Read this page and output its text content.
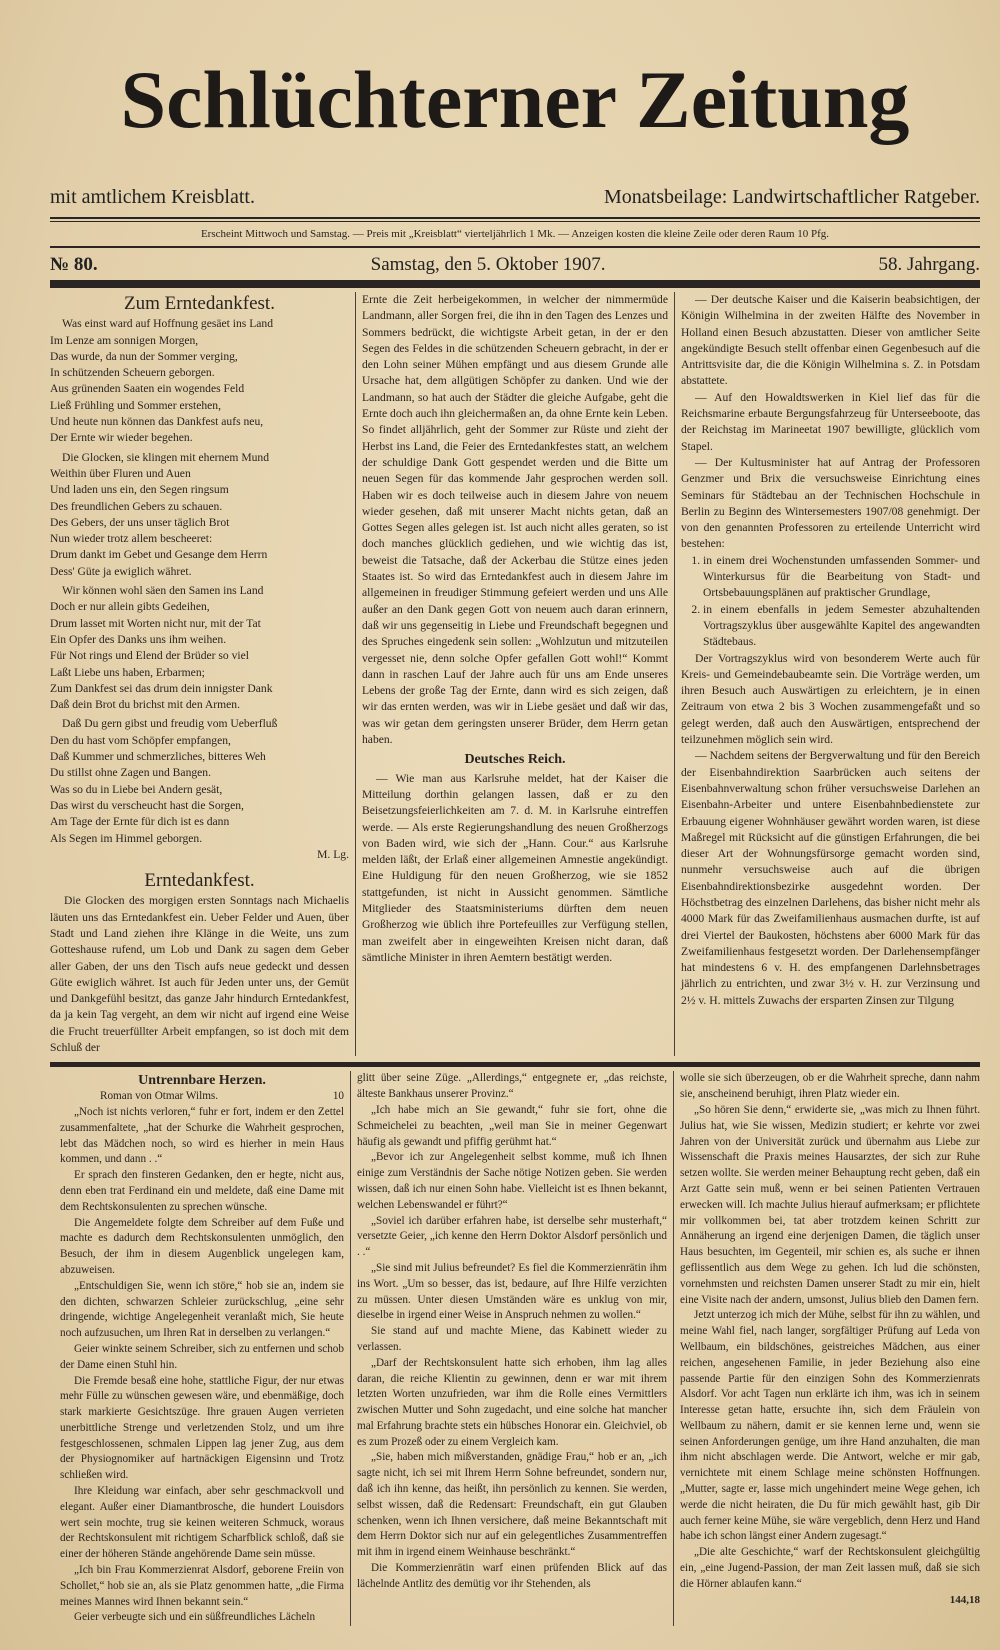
Schlüchterner Zeitung
mit amtlichem Kreisblatt.	Monatsbeilage: Landwirtschaftlicher Ratgeber.
Erscheint Mittwoch und Samstag. — Preis mit „Kreisblatt“ vierteljährlich 1 Mk. — Anzeigen kosten die kleine Zeile oder deren Raum 10 Pfg.
№ 80.	Samstag, den 5. Oktober 1907.	58. Jahrgang.
Zum Erntedankfest.
Was einst ward auf Hoffnung gesäet ins Land
Im Lenze am sonnigen Morgen,
Das wurde, da nun der Sommer verging,
In schützenden Scheuern geborgen.
Aus grünenden Saaten ein wogendes Feld
Ließ Frühling und Sommer erstehen,
Und heute nun können das Dankfest aufs neu,
Der Ernte wir wieder begehen.
Die Glocken, sie klingen mit ehernem Mund
Weithin über Fluren und Auen
Und laden uns ein, den Segen ringsum
Des freundlichen Gebers zu schauen.
Des Gebers, der uns unser täglich Brot
Nun wieder trotz allem bescheeret:
Drum dankt im Gebet und Gesange dem Herrn
Dess' Güte ja ewiglich währet.
Wir können wohl säen den Samen ins Land
Doch er nur allein gibts Gedeihen,
Drum lasset mit Worten nicht nur, mit der Tat
Ein Opfer des Danks uns ihm weihen.
Für Not rings und Elend der Brüder so viel
Laßt Liebe uns haben, Erbarmen;
Zum Dankfest sei das drum dein innigster Dank
Daß dein Brot du brichst mit den Armen.
Daß Du gern gibst und freudig vom Ueberfluß
Den du hast vom Schöpfer empfangen,
Daß Kummer und schmerzliches, bitteres Weh
Du stillst ohne Zagen und Bangen.
Was so du in Liebe bei Andern gesät,
Das wirst du verscheucht hast die Sorgen,
Am Tage der Ernte für dich ist es dann
Als Segen im Himmel geborgen.
M. Lg.
Erntedankfest.

Die Glocken des morgigen ersten Sonntags nach Michaelis läuten uns das Erntedankfest ein. Ueber Felder und Auen, über Stadt und Land ziehen ihre Klänge in die Weite, uns zum Gotteshause rufend, um Lob und Dank zu sagen dem Geber aller Gaben, der uns den Tisch aufs neue gedeckt und dessen Güte ewiglich währet. Ist auch für Jeden unter uns, der Gemüt und Dankgefühl besitzt, das ganze Jahr hindurch Erntedankfest, da ja kein Tag vergeht, an dem wir nicht auf irgend eine Weise die Frucht treuerfüllter Arbeit empfangen, so ist doch mit dem Schluß der

Ernte die Zeit herbeigekommen, in welcher der nimmermüde Landmann, aller Sorgen frei, die ihn in den Tagen des Lenzes und Sommers bedrückt, die wichtigste Arbeit getan, in der er den Segen des Feldes in die schützenden Scheuern gebracht, in der er den Lohn seiner Mühen empfängt und aus diesem Grunde alle Ursache hat, dem allgütigen Schöpfer zu danken. Und wie der Landmann, so hat auch der Städter die gleiche Aufgabe, geht die Ernte doch auch ihn gleichermaßen an, da ohne Ernte kein Leben. So findet alljährlich, geht der Sommer zur Rüste und zieht der Herbst ins Land, die Feier des Erntedankfestes statt, an welchem der schuldige Dank Gott gespendet werden und die Bitte um neuen Segen für das kommende Jahr gesprochen werden soll. Haben wir es doch teilweise auch in diesem Jahre von neuem wieder gesehen, daß mit unserer Macht nichts getan, daß an Gottes Segen alles gelegen ist. Ist auch nicht alles geraten, so ist doch manches glücklich gediehen, und wie wichtig das ist, beweist die Tatsache, daß der Ackerbau die Stütze eines jeden Staates ist. So wird das Erntedankfest auch in diesem Jahre im allgemeinen in freudiger Stimmung gefeiert werden und uns Alle außer an den Dank gegen Gott von neuem auch daran erinnern, daß wir uns gegenseitig in Liebe und Freundschaft begegnen und des Spruches eingedenk sein sollen: „Wohlzutun und mitzuteilen vergesset nie, denn solche Opfer gefallen Gott wohl!“ Kommt dann in raschen Lauf der Jahre auch für uns am Ende unseres Lebens der große Tag der Ernte, dann wird es sich zeigen, daß wir das ernten werden, was wir in Liebe gesäet und daß wir das, was wir getan dem geringsten unserer Brüder, dem Herrn getan haben.

Deutsches Reich.

— Wie man aus Karlsruhe meldet, hat der Kaiser die Mitteilung dorthin gelangen lassen, daß er zu den Beisetzungsfeierlichkeiten am 7. d. M. in Karlsruhe eintreffen werde. — Als erste Regierungshandlung des neuen Großherzogs von Baden wird, wie sich der „Hann. Cour.“ aus Karlsruhe melden läßt, der Erlaß einer allgemeinen Amnestie angekündigt. Eine Huldigung für den neuen Großherzog, wie sie 1852 stattgefunden, ist nicht in Aussicht genommen. Sämtliche Mitglieder des Staatsministeriums dürften dem neuen Großherzog wie üblich ihre Portefeuilles zur Verfügung stellen, man zweifelt aber in eingeweihten Kreisen nicht daran, daß sämtliche Minister in ihren Aemtern bestätigt werden.

— Der deutsche Kaiser und die Kaiserin beabsichtigen, der Königin Wilhelmina in der zweiten Hälfte des November in Holland einen Besuch abzustatten. Dieser von amtlicher Seite angekündigte Besuch stellt offenbar einen Gegenbesuch auf die Antrittsvisite dar, die die Königin Wilhelmina s. Z. in Potsdam abstattete.

— Auf den Howaldtswerken in Kiel lief das für die Reichsmarine erbaute Bergungsfahrzeug für Unterseeboote, das der Reichstag im Marineetat 1907 bewilligte, glücklich vom Stapel.

— Der Kultusminister hat auf Antrag der Professoren Genzmer und Brix die versuchsweise Einrichtung eines Seminars für Städtebau an der Technischen Hochschule in Berlin zu Beginn des Wintersemesters 1907/08 genehmigt. Der von den genannten Professoren zu erteilende Unterricht wird bestehen:

1. in einem drei Wochenstunden umfassenden Sommer- und Winterkursus für die Bearbeitung von Stadt- und Ortsbebauungsplänen auf praktischer Grundlage,
2. in einem ebenfalls in jedem Semester abzuhaltenden Vortragszyklus über ausgewählte Kapitel des angewandten Städtebaus.

Der Vortragszyklus wird von besonderem Werte auch für Kreis- und Gemeindebaubeamte sein. Die Vorträge werden, um ihren Besuch auch Auswärtigen zu erleichtern, je in einen Zeitraum von etwa 2 bis 3 Wochen zusammengefaßt und so gelegt werden, daß auch den Auswärtigen, entsprechend der teilzunehmen möglich sein wird.

— Nachdem seitens der Bergverwaltung und für den Bereich der Eisenbahndirektion Saarbrücken auch seitens der Eisenbahnverwaltung schon früher versuchsweise Darlehen an Eisenbahn-Arbeiter und untere Eisenbahnbedienstete zur Erbauung eigener Wohnhäuser gewährt worden waren, ist diese Maßregel mit Rücksicht auf die günstigen Erfahrungen, die bei dieser Art der Wohnungsfürsorge gemacht worden sind, nunmehr versuchsweise auch auf die übrigen Eisenbahndirektionsbezirke ausgedehnt worden. Der Höchstbetrag des einzelnen Darlehens, das bisher nicht mehr als 4000 Mark für das Zweifamilienhaus ausmachen durfte, ist auf drei Viertel der Baukosten, höchstens aber 6000 Mark für das Zweifamilienhaus festgesetzt worden. Der Darlehensempfänger hat mindestens 6 v. H. des empfangenen Darlehnsbetrages jährlich zu entrichten, und zwar 3½ v. H. zur Verzinsung und 2½ v. H. mittels Zuwachs der ersparten Zinsen zur Tilgung

Untrennbare Herzen.
Roman von Otmar Wilms.	10

„Noch ist nichts verloren,“ fuhr er fort, indem er den Zettel zusammenfaltete, „hat der Schurke die Wahrheit gesprochen, lebt das Mädchen noch, so wird es hierher in mein Haus kommen, und dann . .“

Er sprach den finsteren Gedanken, den er hegte, nicht aus, denn eben trat Ferdinand ein und meldete, daß eine Dame mit dem Rechtskonsulenten zu sprechen wünsche.

Die Angemeldete folgte dem Schreiber auf dem Fuße und machte es dadurch dem Rechtskonsulenten unmöglich, den Besuch, der ihm in diesem Augenblick ungelegen kam, abzuweisen.

„Entschuldigen Sie, wenn ich störe,“ hob sie an, indem sie den dichten, schwarzen Schleier zurückschlug, „eine sehr dringende, wichtige Angelegenheit veranlaßt mich, Sie heute noch aufzusuchen, um Ihren Rat in derselben zu verlangen.“

Geier winkte seinem Schreiber, sich zu entfernen und schob der Dame einen Stuhl hin.

Die Fremde besaß eine hohe, stattliche Figur, der nur etwas mehr Fülle zu wünschen gewesen wäre, und ebenmäßige, doch stark markierte Gesichtszüge. Ihre grauen Augen verrieten unerbittliche Strenge und verletzenden Stolz, und um ihre festgeschlossenen, schmalen Lippen lag jener Zug, aus dem der Physiognomiker auf hartnäckigen Eigensinn und Trotz schließen wird.

Ihre Kleidung war einfach, aber sehr geschmackvoll und elegant. Außer einer Diamantbrosche, die hundert Louisdors wert sein mochte, trug sie keinen weiteren Schmuck, woraus der Rechtskonsulent mit richtigem Scharfblick schloß, daß sie einer der höheren Stände angehörende Dame sein müsse.

„Ich bin Frau Kommerzienrat Alsdorf, geborene Freiin von Schollet,“ hob sie an, als sie Platz genommen hatte, „die Firma meines Mannes wird Ihnen bekannt sein.“

Geier verbeugte sich und ein süßfreundliches Lächeln

glitt über seine Züge. „Allerdings,“ entgegnete er, „das reichste, älteste Bankhaus unserer Provinz.“

„Ich habe mich an Sie gewandt,“ fuhr sie fort, ohne die Schmeichelei zu beachten, „weil man Sie in meiner Gegenwart häufig als gewandt und pfiffig gerühmt hat.“

„Bevor ich zur Angelegenheit selbst komme, muß ich Ihnen einige zum Verständnis der Sache nötige Notizen geben. Sie werden wissen, daß ich nur einen Sohn habe. Vielleicht ist es Ihnen bekannt, welchen Lebenswandel er führt?“

„Soviel ich darüber erfahren habe, ist derselbe sehr musterhaft,“ versetzte Geier, „ich kenne den Herrn Doktor Alsdorf persönlich und . .“

„Sie sind mit Julius befreundet? Es fiel die Kommerzienrätin ihm ins Wort. „Um so besser, das ist, bedaure, auf Ihre Hilfe verzichten zu müssen. Unter diesen Umständen wäre es unklug von mir, dieselbe in irgend einer Weise in Anspruch nehmen zu wollen.“

Sie stand auf und machte Miene, das Kabinett wieder zu verlassen.

„Darf der Rechtskonsulent hatte sich erhoben, ihm lag alles daran, die reiche Klientin zu gewinnen, denn er war mit ihrem letzten Worten unzufrieden, war ihm die Rolle eines Vermittlers zwischen Mutter und Sohn zugedacht, und eine solche hat mancher mal Erfahrung brachte stets ein hübsches Honorar ein. Gleichviel, ob es zum Prozeß oder zu einem Vergleich kam.

„Sie, haben mich mißverstanden, gnädige Frau,“ hob er an, „ich sagte nicht, ich sei mit Ihrem Herrn Sohne befreundet, sondern nur, daß ich ihn kenne, das heißt, ihn persönlich zu kennen. Sie werden, selbst wissen, daß die Redensart: Freundschaft, ein gut Glauben schenken, wenn ich Ihnen versichere, daß meine Bekanntschaft mit dem Herrn Doktor sich nur auf ein gelegentliches Zusammentreffen mit ihm in irgend einem Weinhause beschränkt.“

Die Kommerzienrätin warf einen prüfenden Blick auf das lächelnde Antlitz des demütig vor ihr Stehenden, als

wolle sie sich überzeugen, ob er die Wahrheit spreche, dann nahm sie, anscheinend beruhigt, ihren Platz wieder ein.

„So hören Sie denn,“ erwiderte sie, „was mich zu Ihnen führt. Julius hat, wie Sie wissen, Medizin studiert; er kehrte vor zwei Jahren von der Universität zurück und übernahm aus Liebe zur Wissenschaft die Praxis meines Hausarztes, der sich zur Ruhe setzen wollte. Sie werden meiner Behauptung recht geben, daß ein Arzt Gatte sein muß, wenn er bei seinen Patienten Vertrauen erwecken will. Ich machte Julius hierauf aufmerksam; er pflichtete mir vollkommen bei, tat aber trotzdem keinen Schritt zur Annäherung an irgend eine derjenigen Damen, die täglich unser Haus besuchten, im Gegenteil, mir schien es, als suche er ihnen geflissentlich aus dem Wege zu gehen. Ich lud die schönsten, vornehmsten und reichsten Damen unserer Stadt zu mir ein, hielt eine Visite nach der andern, umsonst, Julius blieb den Damen fern.

Jetzt unterzog ich mich der Mühe, selbst für ihn zu wählen, und meine Wahl fiel, nach langer, sorgfältiger Prüfung auf Leda von Wellbaum, ein bildschönes, geistreiches Mädchen, aus einer reichen, angesehenen Familie, in jeder Beziehung also eine passende Partie für den einzigen Sohn des Kommerzienrats Alsdorf. Vor acht Tagen nun erklärte ich ihm, was ich in seinem Interesse getan hatte, ersuchte ihn, sich dem Fräulein von Wellbaum zu nähern, damit er sie kennen lerne und, wenn sie seinen Anforderungen genüge, um ihre Hand anzuhalten, die man ihm nicht abschlagen werde. Die Antwort, welche er mir gab, vernichtete mit einem Schlage meine schönsten Hoffnungen. „Mutter, sagte er, lasse mich ungehindert meine Wege gehen, ich werde die nicht heiraten, die Du für mich gewählt hast, gib Dir auch ferner keine Mühe, sie wäre vergeblich, denn Herz und Hand habe ich schon längst einer Andern zugesagt.“

„Die alte Geschichte,“ warf der Rechtskonsulent gleichgültig ein, „eine Jugend-Passion, der man Zeit lassen muß, daß sie sich die Hörner ablaufen kann.“

144,18
